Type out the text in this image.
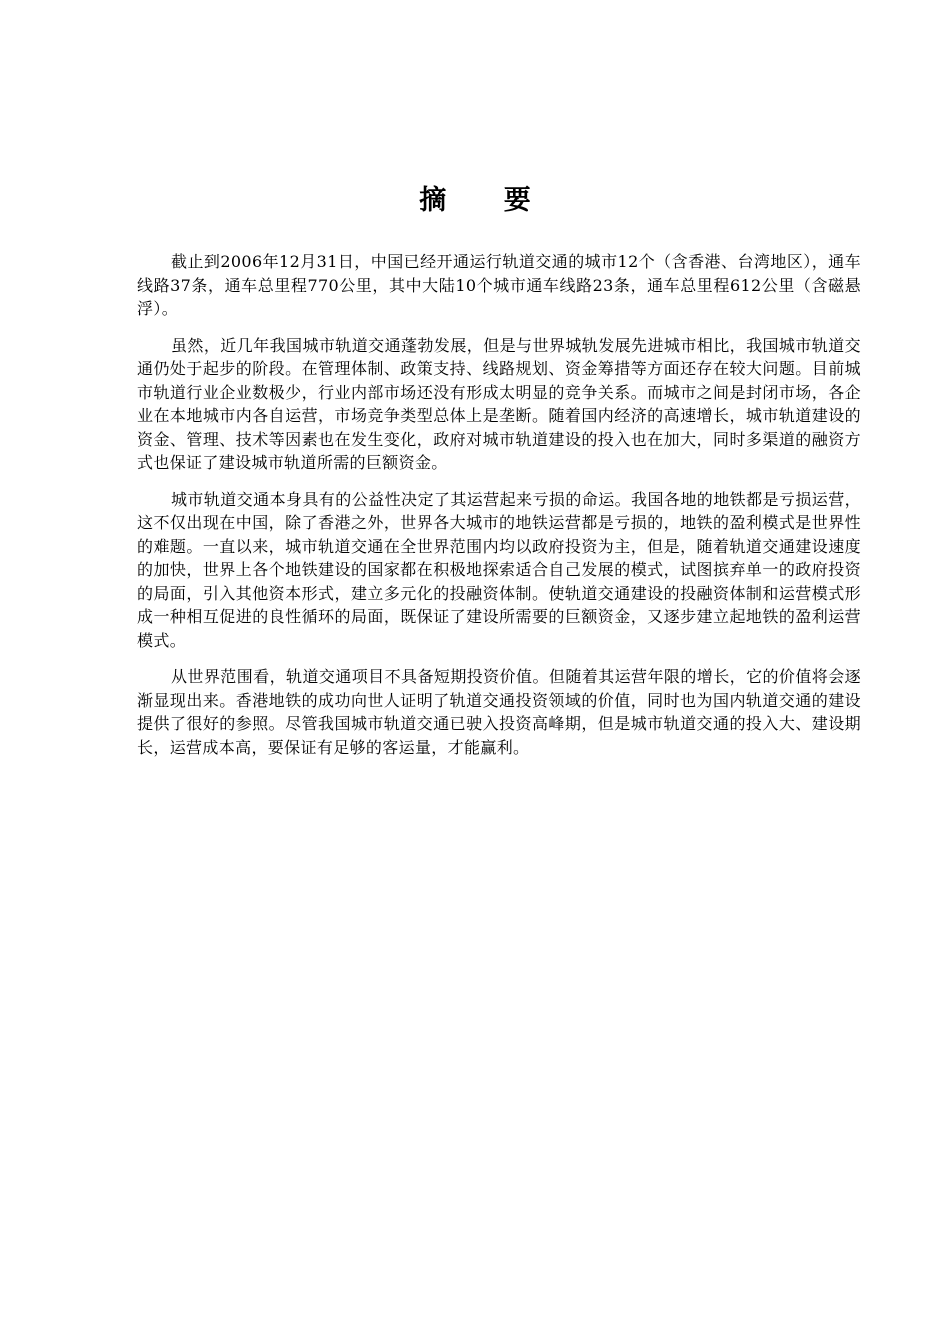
摘 要

截止到2006年12月31日，中国已经开通运行轨道交通的城市12个（含香港、台湾地区），通车线路37条，通车总里程770公里，其中大陆10个城市通车线路23条，通车总里程612公里（含磁悬浮）。

虽然，近几年我国城市轨道交通蓬勃发展，但是与世界城轨发展先进城市相比，我国城市轨道交通仍处于起步的阶段。在管理体制、政策支持、线路规划、资金筹措等方面还存在较大问题。目前城市轨道行业企业数极少，行业内部市场还没有形成太明显的竞争关系。而城市之间是封闭市场，各企业在本地城市内各自运营，市场竞争类型总体上是垄断。随着国内经济的高速增长，城市轨道建设的资金、管理、技术等因素也在发生变化，政府对城市轨道建设的投入也在加大，同时多渠道的融资方式也保证了建设城市轨道所需的巨额资金。

城市轨道交通本身具有的公益性决定了其运营起来亏损的命运。我国各地的地铁都是亏损运营，这不仅出现在中国，除了香港之外，世界各大城市的地铁运营都是亏损的，地铁的盈利模式是世界性的难题。一直以来，城市轨道交通在全世界范围内均以政府投资为主，但是，随着轨道交通建设速度的加快，世界上各个地铁建设的国家都在积极地探索适合自己发展的模式，试图摈弃单一的政府投资的局面，引入其他资本形式，建立多元化的投融资体制。使轨道交通建设的投融资体制和运营模式形成一种相互促进的良性循环的局面，既保证了建设所需要的巨额资金，又逐步建立起地铁的盈利运营模式。

从世界范围看，轨道交通项目不具备短期投资价值。但随着其运营年限的增长，它的价值将会逐渐显现出来。香港地铁的成功向世人证明了轨道交通投资领域的价值，同时也为国内轨道交通的建设提供了很好的参照。尽管我国城市轨道交通已驶入投资高峰期，但是城市轨道交通的投入大、建设期长，运营成本高，要保证有足够的客运量，才能赢利。
